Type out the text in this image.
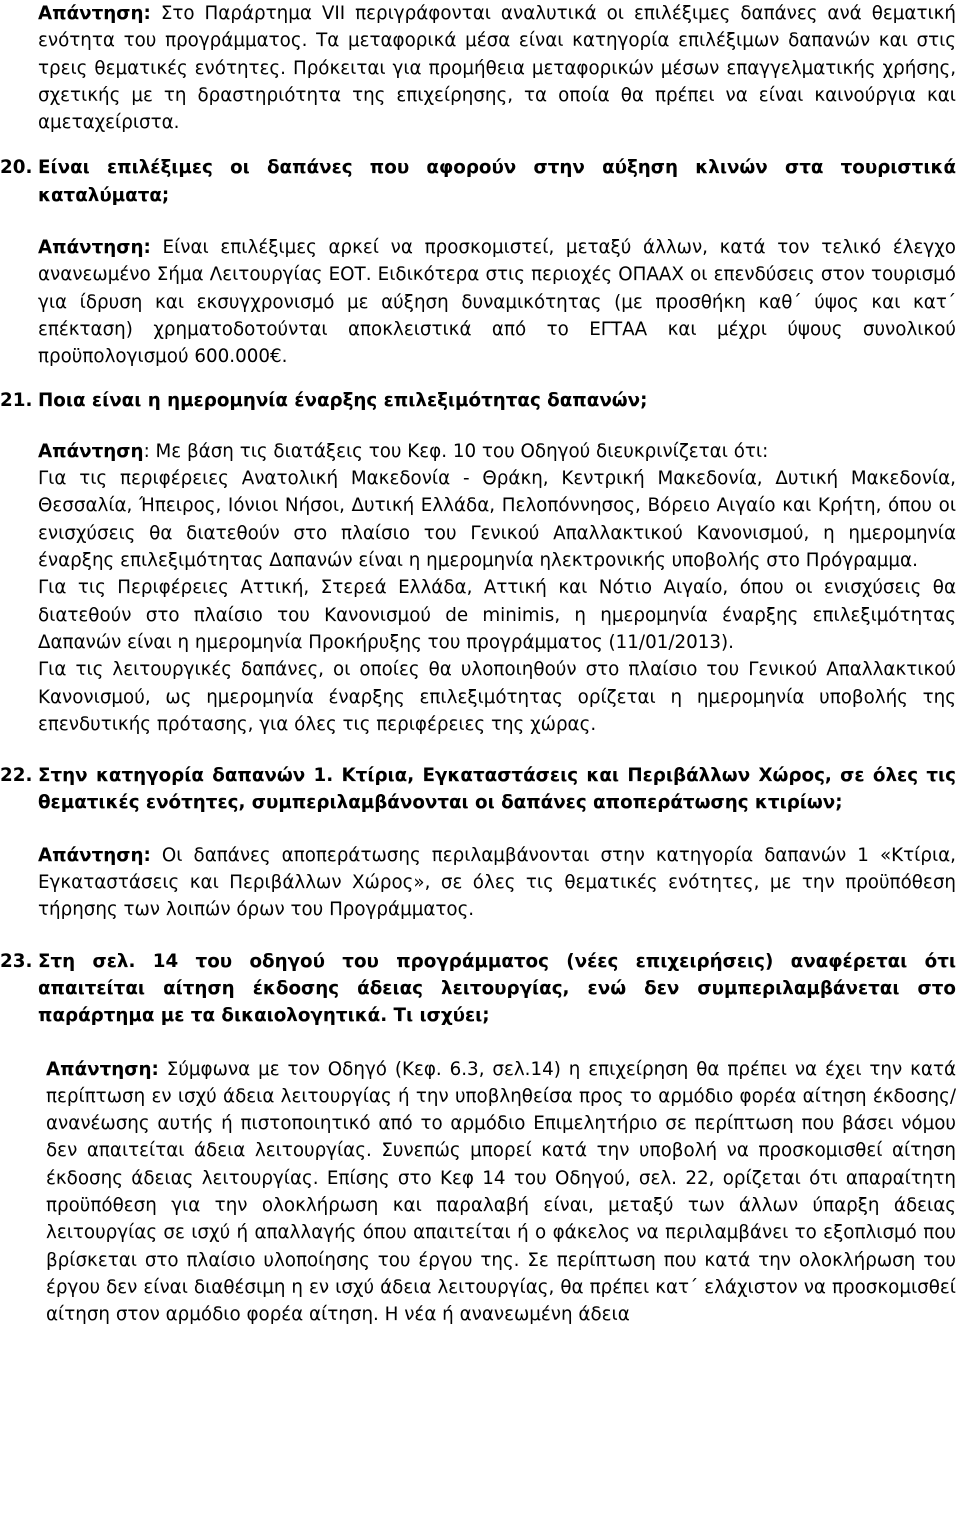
Απάντηση: Στο Παράρτημα VII περιγράφονται αναλυτικά οι επιλέξιμες δαπάνες ανά θεματική ενότητα του προγράμματος. Τα μεταφορικά μέσα είναι κατηγορία επιλέξιμων δαπανών και στις τρεις θεματικές ενότητες. Πρόκειται για προμήθεια μεταφορικών μέσων επαγγελματικής χρήσης, σχετικής με τη δραστηριότητα της επιχείρησης, τα οποία θα πρέπει να είναι καινούργια και αμεταχείριστα.

20. Είναι επιλέξιμες οι δαπάνες που αφορούν στην αύξηση κλινών στα τουριστικά καταλύματα;

Απάντηση: Είναι επιλέξιμες αρκεί να προσκομιστεί, μεταξύ άλλων, κατά τον τελικό έλεγχο ανανεωμένο Σήμα Λειτουργίας ΕΟΤ. Ειδικότερα στις περιοχές ΟΠΑΑΧ οι επενδύσεις στον τουρισμό για ίδρυση και εκσυγχρονισμό με αύξηση δυναμικότητας (με προσθήκη καθ΄ ύψος και κατ΄ επέκταση) χρηματοδοτούνται αποκλειστικά από το ΕΓΤΑΑ και μέχρι ύψους συνολικού προϋπολογισμού 600.000€.

21. Ποια είναι η ημερομηνία έναρξης επιλεξιμότητας δαπανών;

Απάντηση: Με βάση τις διατάξεις του Κεφ. 10 του Οδηγού διευκρινίζεται ότι:

Για τις περιφέρειες Ανατολική Μακεδονία - Θράκη, Κεντρική Μακεδονία, Δυτική Μακεδονία, Θεσσαλία, Ήπειρος, Ιόνιοι Νήσοι, Δυτική Ελλάδα, Πελοπόννησος, Βόρειο Αιγαίο και Κρήτη, όπου οι ενισχύσεις θα διατεθούν στο πλαίσιο του Γενικού Απαλλακτικού Κανονισμού, η ημερομηνία έναρξης επιλεξιμότητας Δαπανών είναι η ημερομηνία ηλεκτρονικής υποβολής στο Πρόγραμμα.

Για τις Περιφέρειες Αττική, Στερεά Ελλάδα, Αττική και Νότιο Αιγαίο, όπου οι ενισχύσεις θα διατεθούν στο πλαίσιο του Κανονισμού de minimis, η ημερομηνία έναρξης επιλεξιμότητας Δαπανών είναι η ημερομηνία Προκήρυξης του προγράμματος (11/01/2013).

Για τις λειτουργικές δαπάνες, οι οποίες θα υλοποιηθούν στο πλαίσιο του Γενικού Απαλλακτικού Κανονισμού, ως ημερομηνία έναρξης επιλεξιμότητας ορίζεται η ημερομηνία υποβολής της επενδυτικής πρότασης, για όλες τις περιφέρειες της χώρας.

22. Στην κατηγορία δαπανών 1. Κτίρια, Εγκαταστάσεις και Περιβάλλων Χώρος, σε όλες τις θεματικές ενότητες, συμπεριλαμβάνονται οι δαπάνες αποπεράτωσης κτιρίων;

Απάντηση: Οι δαπάνες αποπεράτωσης περιλαμβάνονται στην κατηγορία δαπανών 1 «Κτίρια, Εγκαταστάσεις και Περιβάλλων Χώρος», σε όλες τις θεματικές ενότητες, με την προϋπόθεση τήρησης των λοιπών όρων του Προγράμματος.

23. Στη σελ. 14 του οδηγού του προγράμματος (νέες επιχειρήσεις) αναφέρεται ότι απαιτείται αίτηση έκδοσης άδειας λειτουργίας, ενώ δεν συμπεριλαμβάνεται στο παράρτημα με τα δικαιολογητικά. Τι ισχύει;

Απάντηση: Σύμφωνα με τον Οδηγό (Κεφ. 6.3, σελ.14) η επιχείρηση θα πρέπει να έχει την κατά περίπτωση εν ισχύ άδεια λειτουργίας ή την υποβληθείσα προς το αρμόδιο φορέα αίτηση έκδοσης/ανανέωσης αυτής ή πιστοποιητικό από το αρμόδιο Επιμελητήριο σε περίπτωση που βάσει νόμου δεν απαιτείται άδεια λειτουργίας. Συνεπώς μπορεί κατά την υποβολή να προσκομισθεί αίτηση έκδοσης άδειας λειτουργίας. Επίσης στο Κεφ 14 του Οδηγού, σελ. 22, ορίζεται ότι απαραίτητη προϋπόθεση για την ολοκλήρωση και παραλαβή είναι, μεταξύ των άλλων ύπαρξη άδειας λειτουργίας σε ισχύ ή απαλλαγής όπου απαιτείται ή ο φάκελος να περιλαμβάνει το εξοπλισμό που βρίσκεται στο πλαίσιο υλοποίησης του έργου της. Σε περίπτωση που κατά την ολοκλήρωση του έργου δεν είναι διαθέσιμη η εν ισχύ άδεια λειτουργίας, θα πρέπει κατ΄ ελάχιστον να προσκομισθεί αίτηση στον αρμόδιο φορέα αίτηση. Η νέα ή ανανεωμένη άδεια
